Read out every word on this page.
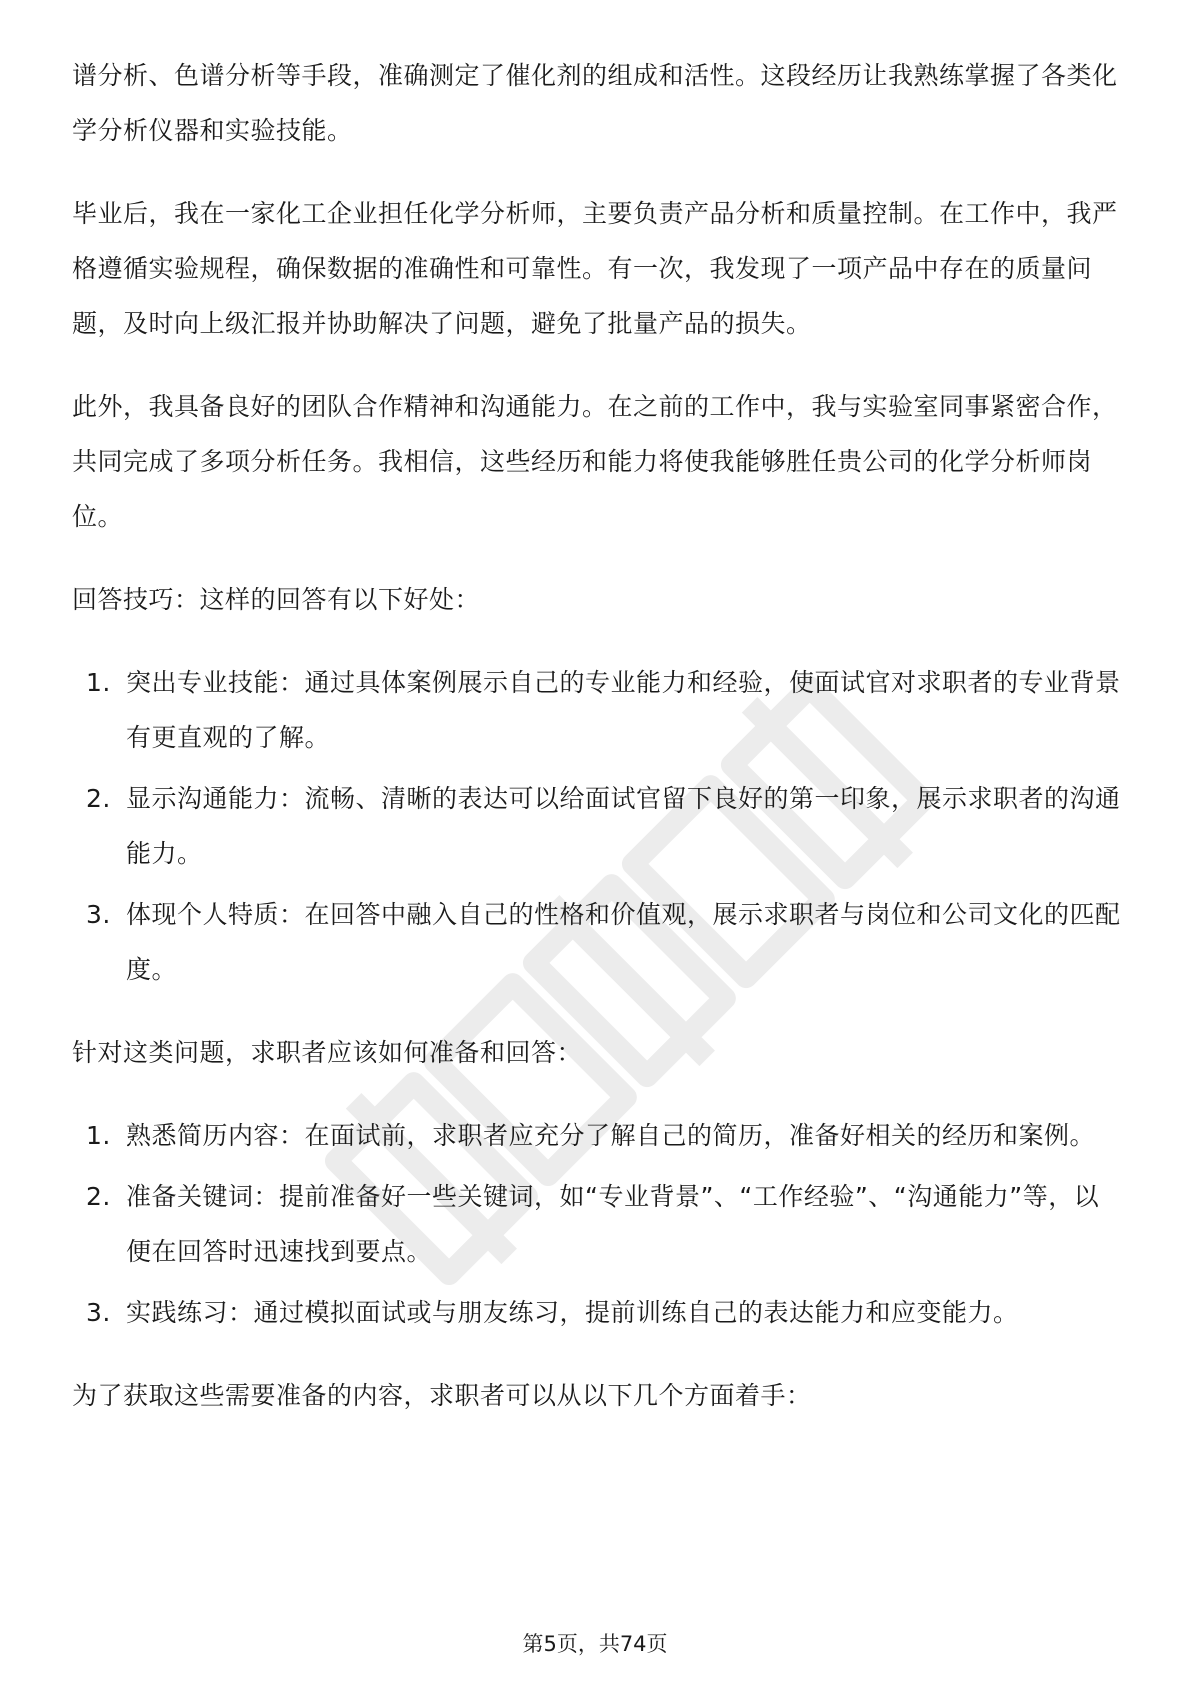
谱分析、色谱分析等手段，准确测定了催化剂的组成和活性。这段经历让我熟练掌握了各类化学分析仪器和实验技能。

毕业后，我在一家化工企业担任化学分析师，主要负责产品分析和质量控制。在工作中，我严格遵循实验规程，确保数据的准确性和可靠性。有一次，我发现了一项产品中存在的质量问题，及时向上级汇报并协助解决了问题，避免了批量产品的损失。

此外，我具备良好的团队合作精神和沟通能力。在之前的工作中，我与实验室同事紧密合作，共同完成了多项分析任务。我相信，这些经历和能力将使我能够胜任贵公司的化学分析师岗位。

回答技巧：这样的回答有以下好处：

1. 突出专业技能：通过具体案例展示自己的专业能力和经验，使面试官对求职者的专业背景有更直观的了解。
2. 显示沟通能力：流畅、清晰的表达可以给面试官留下良好的第一印象，展示求职者的沟通能力。
3. 体现个人特质：在回答中融入自己的性格和价值观，展示求职者与岗位和公司文化的匹配度。

针对这类问题，求职者应该如何准备和回答：

1. 熟悉简历内容：在面试前，求职者应充分了解自己的简历，准备好相关的经历和案例。
2. 准备关键词：提前准备好一些关键词，如“专业背景”、“工作经验”、“沟通能力”等，以便在回答时迅速找到要点。
3. 实践练习：通过模拟面试或与朋友练习，提前训练自己的表达能力和应变能力。

为了获取这些需要准备的内容，求职者可以从以下几个方面着手：

第5页，共74页
